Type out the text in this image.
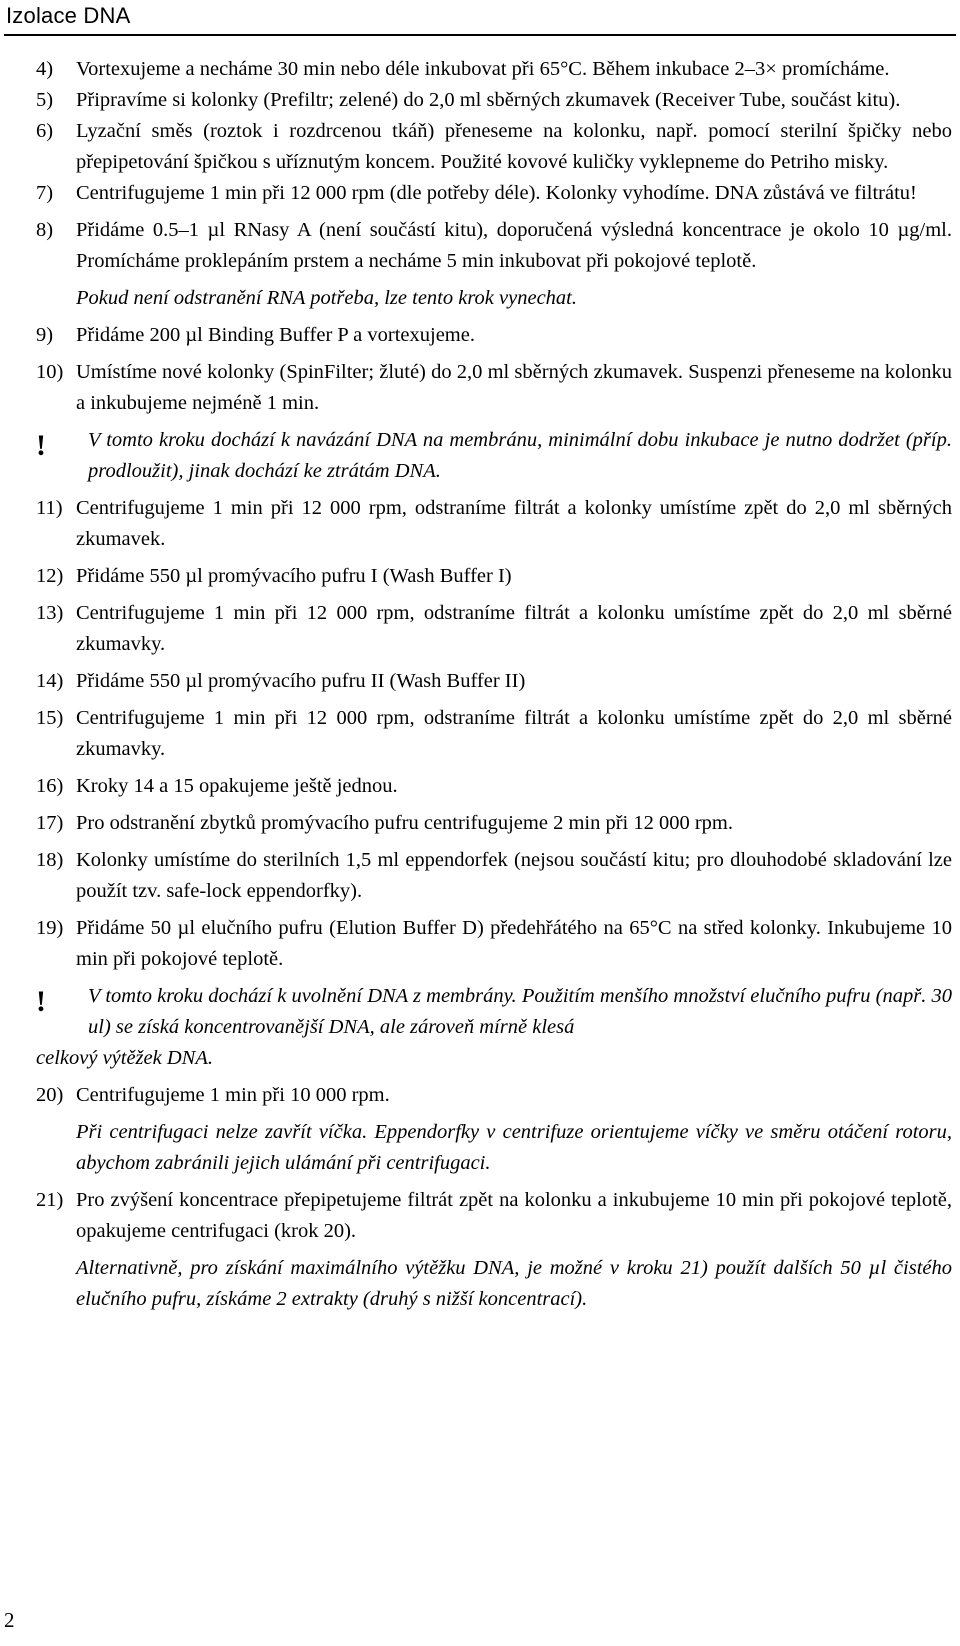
Izolace DNA
4) Vortexujeme a necháme 30 min nebo déle inkubovat při 65°C. Během inkubace 2–3× promícháme.
5) Připravíme si kolonky (Prefiltr; zelené) do 2,0 ml sběrných zkumavek (Receiver Tube, součást kitu).
6) Lyzační směs (roztok i rozdrcenou tkáň) přeneseme na kolonku, např. pomocí sterilní špičky nebo přepipetování špičkou s uříznutým koncem. Použité kovové kuličky vyklepneme do Petriho misky.
7) Centrifugujeme 1 min při 12 000 rpm (dle potřeby déle). Kolonky vyhodíme. DNA zůstává ve filtrátu!
8) Přidáme 0.5–1 µl RNasy A (není součástí kitu), doporučená výsledná koncentrace je okolo 10 µg/ml. Promícháme proklepáním prstem a necháme 5 min inkubovat při pokojové teplotě.
Pokud není odstranění RNA potřeba, lze tento krok vynechat.
9) Přidáme 200 µl Binding Buffer P a vortexujeme.
10) Umístíme nové kolonky (SpinFilter; žluté) do 2,0 ml sběrných zkumavek. Suspenzi přeneseme na kolonku a inkubujeme nejméně 1 min.
! V tomto kroku dochází k navázání DNA na membránu, minimální dobu inkubace je nutno dodržet (příp. prodloužit), jinak dochází ke ztrátám DNA.
11) Centrifugujeme 1 min při 12 000 rpm, odstraníme filtrát a kolonky umístíme zpět do 2,0 ml sběrných zkumavek.
12) Přidáme 550 µl promývacího pufru I (Wash Buffer I)
13) Centrifugujeme 1 min při 12 000 rpm, odstraníme filtrát a kolonku umístíme zpět do 2,0 ml sběrné zkumavky.
14) Přidáme 550 µl promývacího pufru II (Wash Buffer II)
15) Centrifugujeme 1 min při 12 000 rpm, odstraníme filtrát a kolonku umístíme zpět do 2,0 ml sběrné zkumavky.
16) Kroky 14 a 15 opakujeme ještě jednou.
17) Pro odstranění zbytků promývacího pufru centrifugujeme 2 min při 12 000 rpm.
18) Kolonky umístíme do sterilních 1,5 ml eppendorfek (nejsou součástí kitu; pro dlouhodobé skladování lze použít tzv. safe-lock eppendorfky).
19) Přidáme 50 µl elučního pufru (Elution Buffer D) předehřátého na 65°C na střed kolonky. Inkubujeme 10 min při pokojové teplotě.
!	V tomto kroku dochází k uvolnění DNA z membrány. Použitím menšího množství elučního pufru (např. 30 ul) se získá koncentrovanější DNA, ale zároveň mírně klesá
celkový výtěžek DNA.
20) Centrifugujeme 1 min při 10 000 rpm.
Při centrifugaci nelze zavřít víčka. Eppendorfky v centrifuze orientujeme víčky ve směru otáčení rotoru, abychom zabránili jejich ulámání při centrifugaci.
21) Pro zvýšení koncentrace přepipetujeme filtrát zpět na kolonku a inkubujeme 10 min při pokojové teplotě, opakujeme centrifugaci (krok 20).
Alternativně, pro získání maximálního výtěžku DNA, je možné v kroku 21) použít dalších 50 µl čistého elučního pufru, získáme 2 extrakty (druhý s nižší koncentrací).
2
